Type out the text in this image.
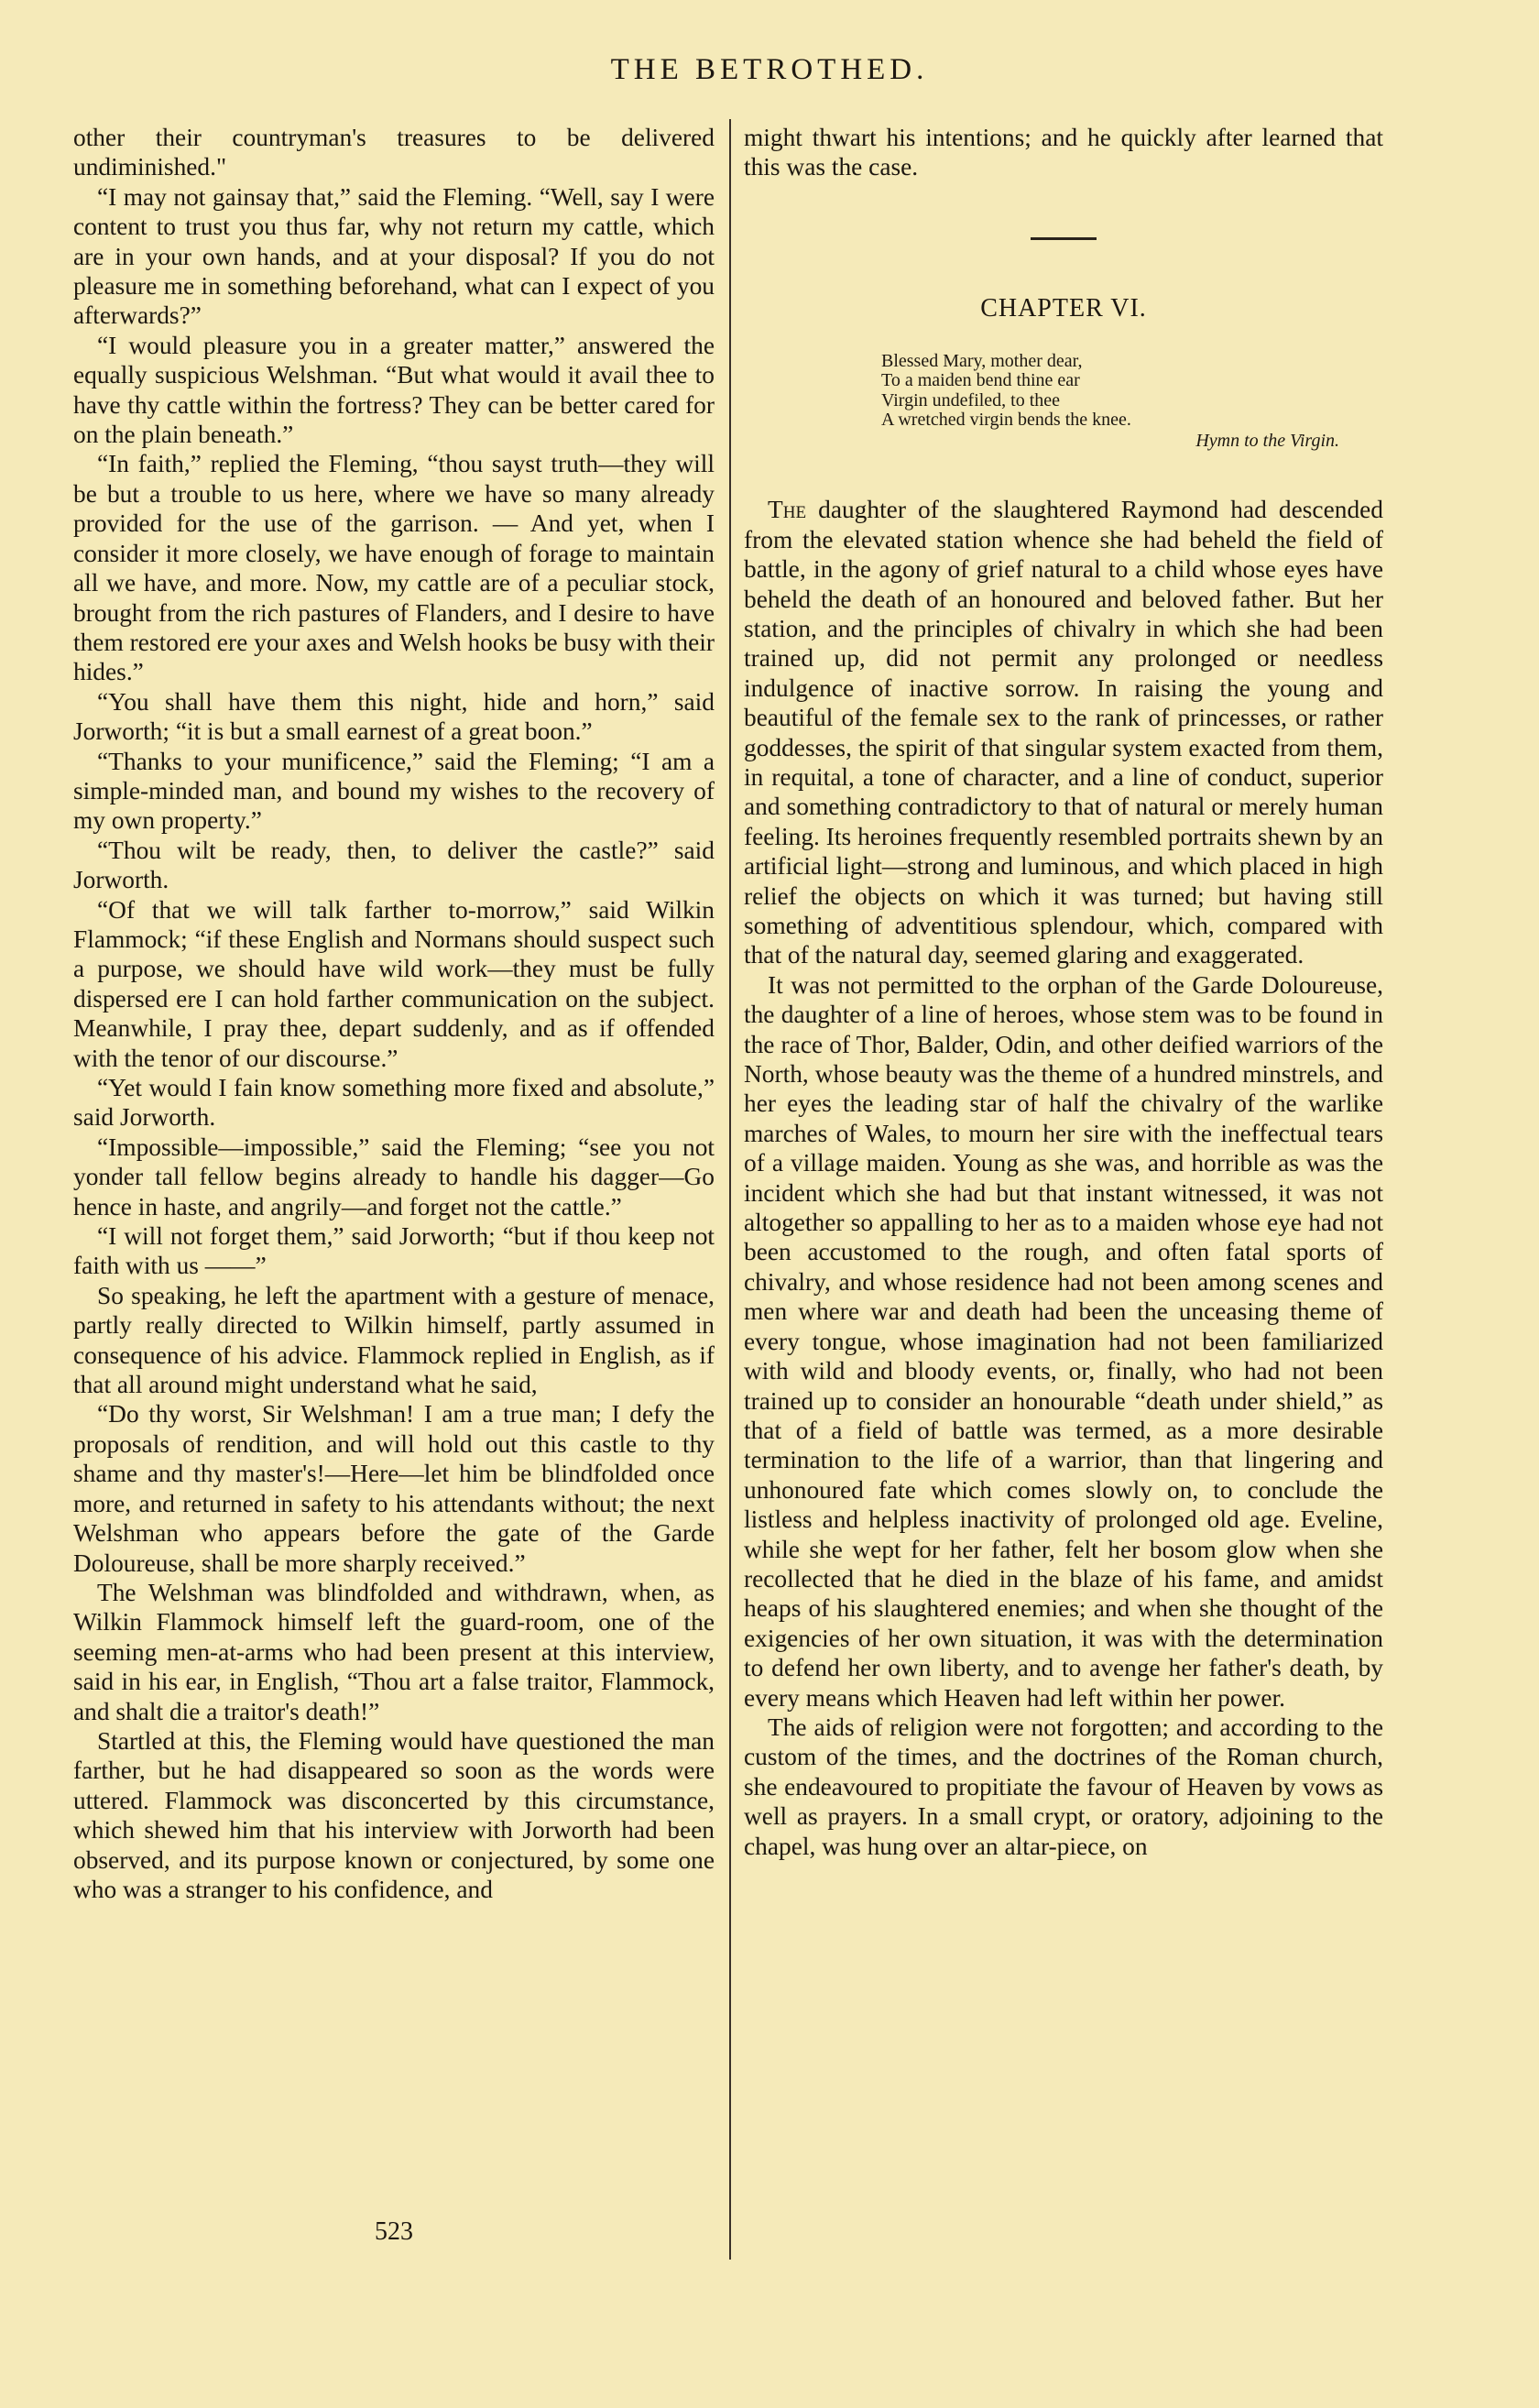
THE BETROTHED.

other their countryman's treasures to be delivered undiminished."

“I may not gainsay that,” said the Fleming. “Well, say I were content to trust you thus far, why not return my cattle, which are in your own hands, and at your disposal? If you do not pleasure me in something beforehand, what can I expect of you afterwards?”

“I would pleasure you in a greater matter,” answered the equally suspicious Welshman. “But what would it avail thee to have thy cattle within the fortress? They can be better cared for on the plain beneath.”

“In faith,” replied the Fleming, “thou sayst truth—they will be but a trouble to us here, where we have so many already provided for the use of the garrison. — And yet, when I consider it more closely, we have enough of forage to maintain all we have, and more. Now, my cattle are of a peculiar stock, brought from the rich pastures of Flanders, and I desire to have them restored ere your axes and Welsh hooks be busy with their hides.”

“You shall have them this night, hide and horn,” said Jorworth; “it is but a small earnest of a great boon.”

“Thanks to your munificence,” said the Fleming; “I am a simple-minded man, and bound my wishes to the recovery of my own property.”

“Thou wilt be ready, then, to deliver the castle?” said Jorworth.

“Of that we will talk farther to-morrow,” said Wilkin Flammock; “if these English and Normans should suspect such a purpose, we should have wild work—they must be fully dispersed ere I can hold farther communication on the subject. Meanwhile, I pray thee, depart suddenly, and as if offended with the tenor of our discourse.”

“Yet would I fain know something more fixed and absolute,” said Jorworth.

“Impossible—impossible,” said the Fleming; “see you not yonder tall fellow begins already to handle his dagger—Go hence in haste, and angrily—and forget not the cattle.”

“I will not forget them,” said Jorworth; “but if thou keep not faith with us ——”

So speaking, he left the apartment with a gesture of menace, partly really directed to Wilkin himself, partly assumed in consequence of his advice. Flammock replied in English, as if that all around might understand what he said,

“Do thy worst, Sir Welshman! I am a true man; I defy the proposals of rendition, and will hold out this castle to thy shame and thy master's!—Here—let him be blindfolded once more, and returned in safety to his attendants without; the next Welshman who appears before the gate of the Garde Doloureuse, shall be more sharply received.”

The Welshman was blindfolded and withdrawn, when, as Wilkin Flammock himself left the guard-room, one of the seeming men-at-arms who had been present at this interview, said in his ear, in English, “Thou art a false traitor, Flammock, and shalt die a traitor's death!”

Startled at this, the Fleming would have questioned the man farther, but he had disappeared so soon as the words were uttered. Flammock was disconcerted by this circumstance, which shewed him that his interview with Jorworth had been observed, and its purpose known or conjectured, by some one who was a stranger to his confidence, and

might thwart his intentions; and he quickly after learned that this was the case.

CHAPTER VI.
Blessed Mary, mother dear,
To a maiden bend thine ear
Virgin undefiled, to thee
A wretched virgin bends the knee.
Hymn to the Virgin.

The daughter of the slaughtered Raymond had descended from the elevated station whence she had beheld the field of battle, in the agony of grief natural to a child whose eyes have beheld the death of an honoured and beloved father. But her station, and the principles of chivalry in which she had been trained up, did not permit any prolonged or needless indulgence of inactive sorrow. In raising the young and beautiful of the female sex to the rank of princesses, or rather goddesses, the spirit of that singular system exacted from them, in requital, a tone of character, and a line of conduct, superior and something contradictory to that of natural or merely human feeling. Its heroines frequently resembled portraits shewn by an artificial light—strong and luminous, and which placed in high relief the objects on which it was turned; but having still something of adventitious splendour, which, compared with that of the natural day, seemed glaring and exaggerated.

It was not permitted to the orphan of the Garde Doloureuse, the daughter of a line of heroes, whose stem was to be found in the race of Thor, Balder, Odin, and other deified warriors of the North, whose beauty was the theme of a hundred minstrels, and her eyes the leading star of half the chivalry of the warlike marches of Wales, to mourn her sire with the ineffectual tears of a village maiden. Young as she was, and horrible as was the incident which she had but that instant witnessed, it was not altogether so appalling to her as to a maiden whose eye had not been accustomed to the rough, and often fatal sports of chivalry, and whose residence had not been among scenes and men where war and death had been the unceasing theme of every tongue, whose imagination had not been familiarized with wild and bloody events, or, finally, who had not been trained up to consider an honourable “death under shield,” as that of a field of battle was termed, as a more desirable termination to the life of a warrior, than that lingering and unhonoured fate which comes slowly on, to conclude the listless and helpless inactivity of prolonged old age. Eveline, while she wept for her father, felt her bosom glow when she recollected that he died in the blaze of his fame, and amidst heaps of his slaughtered enemies; and when she thought of the exigencies of her own situation, it was with the determination to defend her own liberty, and to avenge her father's death, by every means which Heaven had left within her power.

The aids of religion were not forgotten; and according to the custom of the times, and the doctrines of the Roman church, she endeavoured to propitiate the favour of Heaven by vows as well as prayers. In a small crypt, or oratory, adjoining to the chapel, was hung over an altar-piece, on

523
